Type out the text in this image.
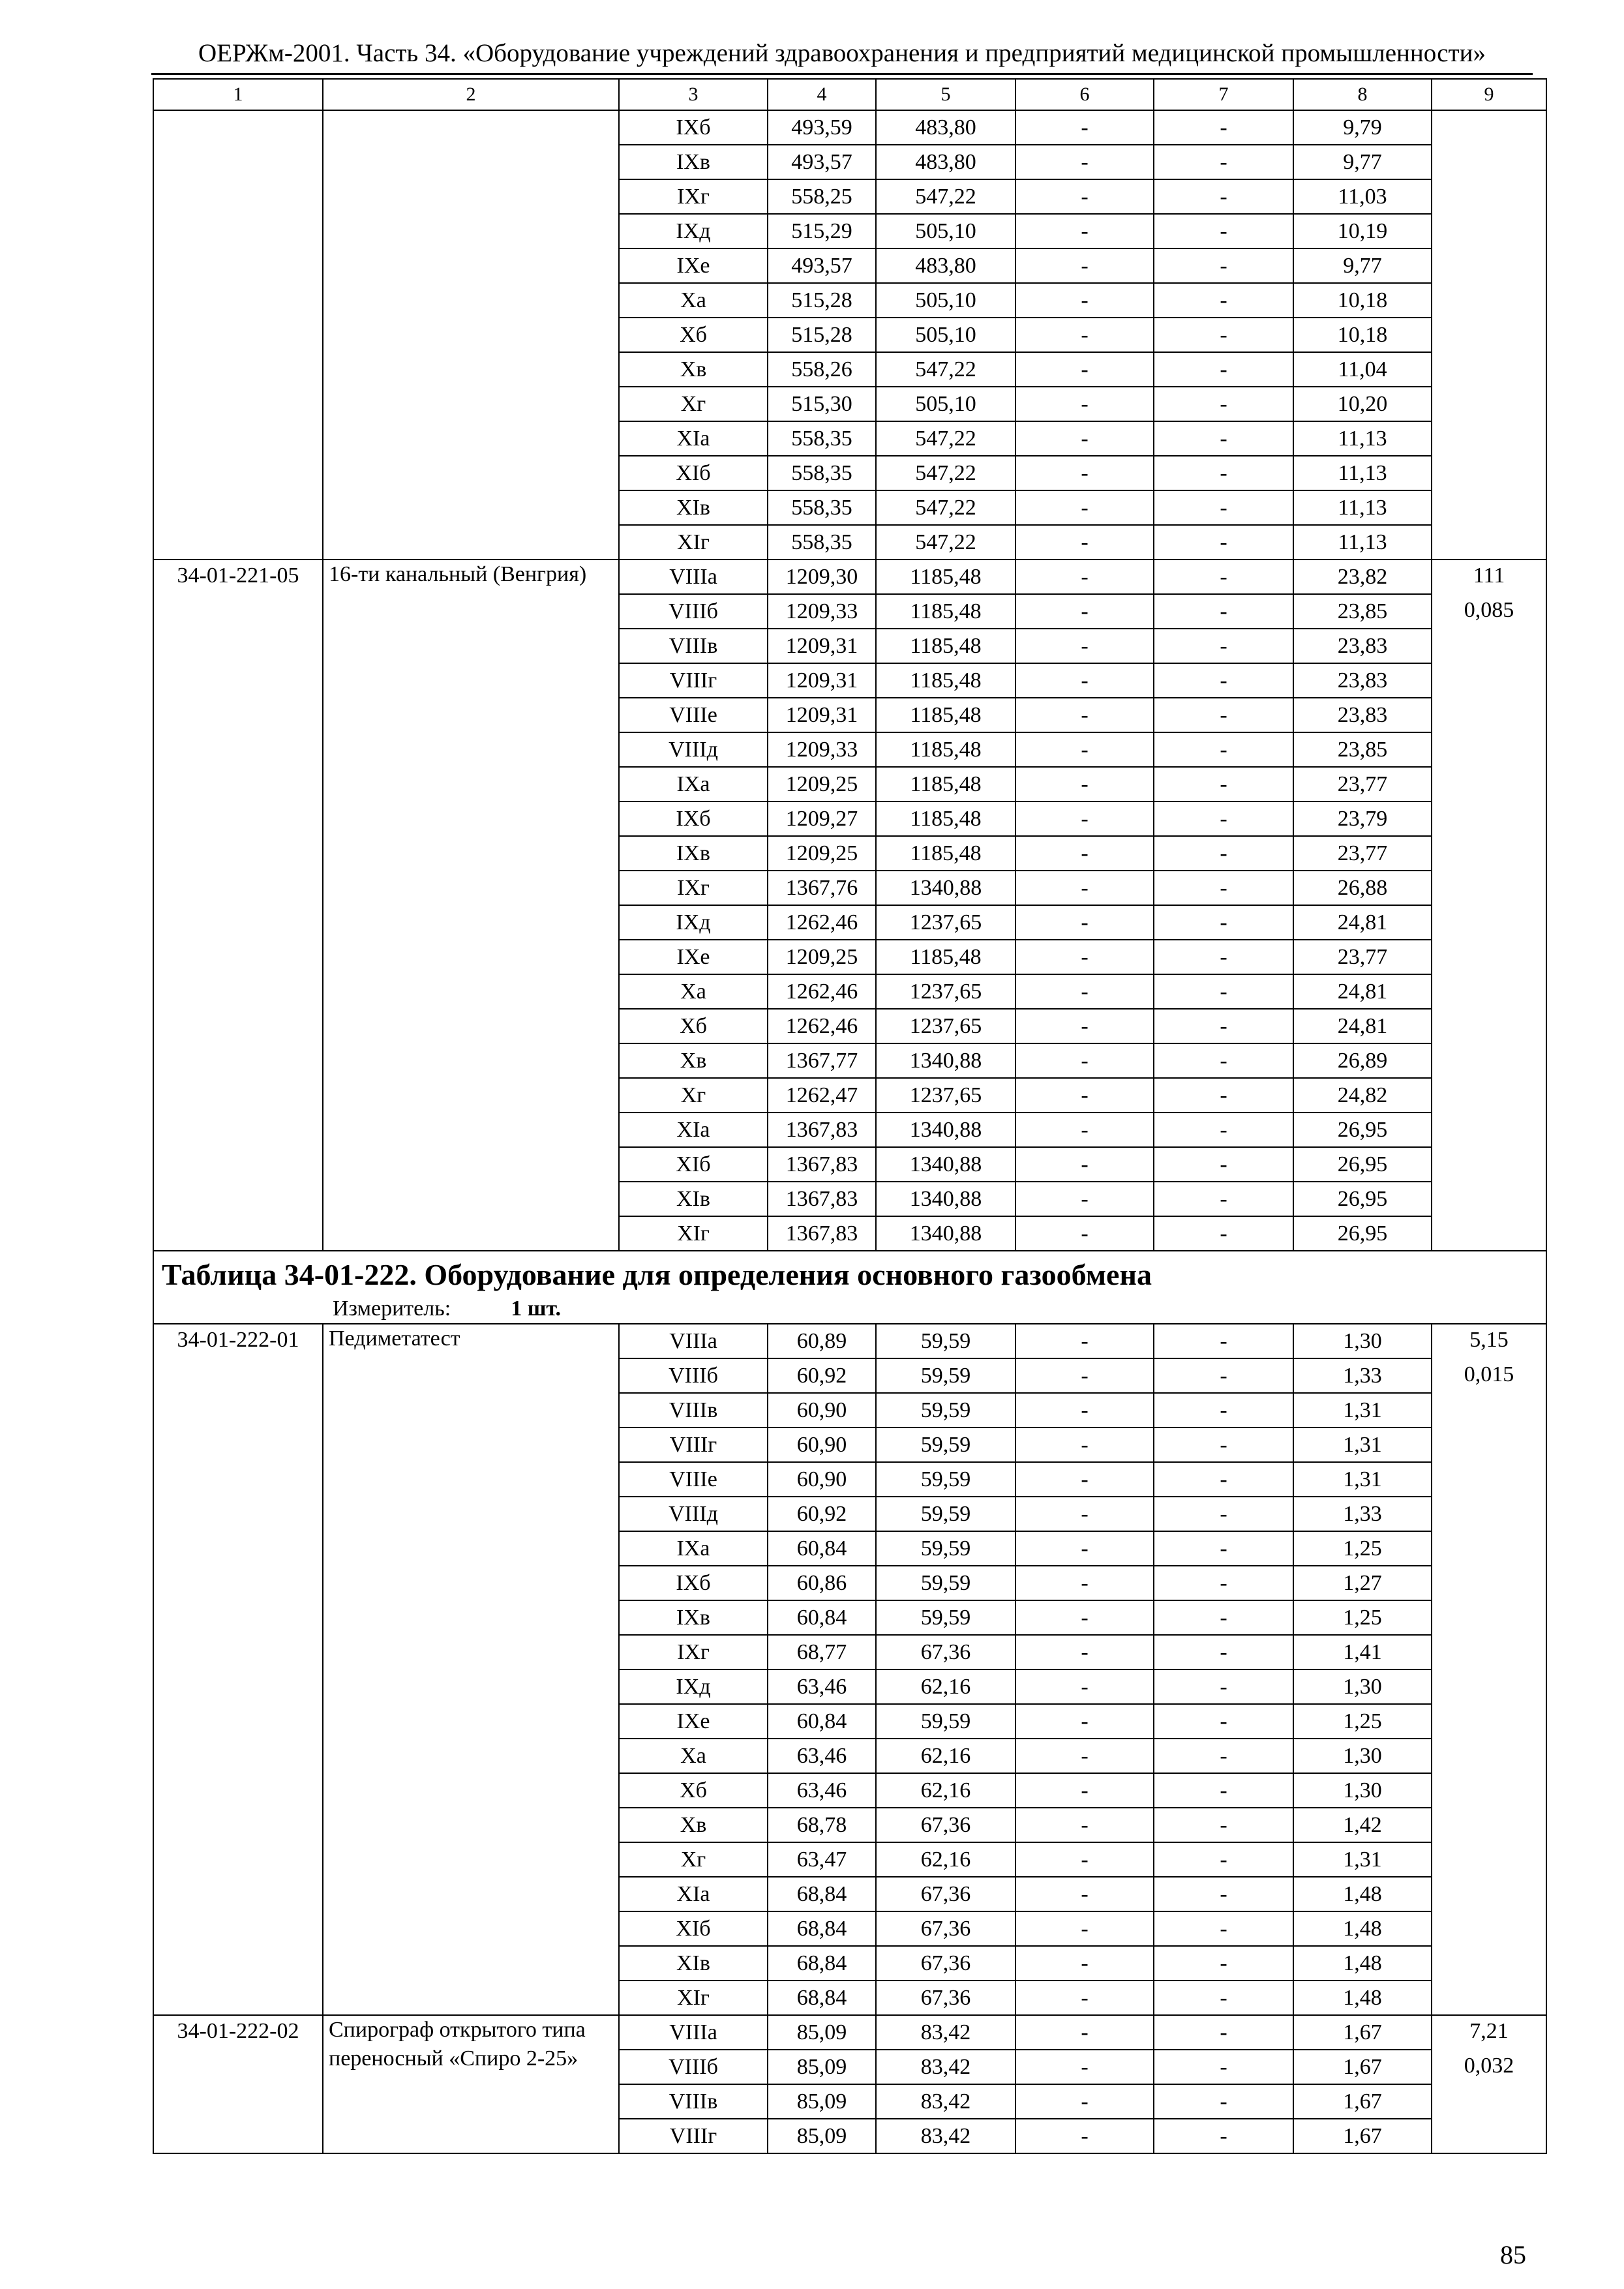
ОЕРЖм-2001. Часть 34. «Оборудование учреждений здравоохранения и предприятий медицинской промышленности»
1	2	3	4	5	6	7	8	9
		IXб	493,59	483,80	-	-	9,79	
		IXв	493,57	483,80	-	-	9,77	
		IXг	558,25	547,22	-	-	11,03	
		IXд	515,29	505,10	-	-	10,19	
		IXе	493,57	483,80	-	-	9,77	
		Xа	515,28	505,10	-	-	10,18	
		Xб	515,28	505,10	-	-	10,18	
		Xв	558,26	547,22	-	-	11,04	
		Xг	515,30	505,10	-	-	10,20	
		XIа	558,35	547,22	-	-	11,13	
		XIб	558,35	547,22	-	-	11,13	
		XIв	558,35	547,22	-	-	11,13	
		XIг	558,35	547,22	-	-	11,13	
34-01-221-05	16-ти канальный (Венгрия)	VIIIа	1209,30	1185,48	-	-	23,82	111
0,085

		VIIIб	1209,33	1185,48	-	-	23,85	
		VIIIв	1209,31	1185,48	-	-	23,83	
		VIIIг	1209,31	1185,48	-	-	23,83	
		VIIIе	1209,31	1185,48	-	-	23,83	
		VIIIд	1209,33	1185,48	-	-	23,85	
		IXа	1209,25	1185,48	-	-	23,77	
		IXб	1209,27	1185,48	-	-	23,79	
		IXв	1209,25	1185,48	-	-	23,77	
		IXг	1367,76	1340,88	-	-	26,88	
		IXд	1262,46	1237,65	-	-	24,81	
		IXе	1209,25	1185,48	-	-	23,77	
		Xа	1262,46	1237,65	-	-	24,81	
		Xб	1262,46	1237,65	-	-	24,81	
		Xв	1367,77	1340,88	-	-	26,89	
		Xг	1262,47	1237,65	-	-	24,82	
		XIа	1367,83	1340,88	-	-	26,95	
		XIб	1367,83	1340,88	-	-	26,95	
		XIв	1367,83	1340,88	-	-	26,95	
		XIг	1367,83	1340,88	-	-	26,95	

Таблица 34-01-222. Оборудование для определения основного газообмена
Измеритель: 1 шт.								

34-01-222-01	Педиметатест	VIIIа	60,89	59,59	-	-	1,30	5,15
0,015

		VIIIб	60,92	59,59	-	-	1,33	
		VIIIв	60,90	59,59	-	-	1,31	
		VIIIг	60,90	59,59	-	-	1,31	
		VIIIе	60,90	59,59	-	-	1,31	
		VIIIд	60,92	59,59	-	-	1,33	
		IXа	60,84	59,59	-	-	1,25	
		IXб	60,86	59,59	-	-	1,27	
		IXв	60,84	59,59	-	-	1,25	
		IXг	68,77	67,36	-	-	1,41	
		IXд	63,46	62,16	-	-	1,30	
		IXе	60,84	59,59	-	-	1,25	
		Xа	63,46	62,16	-	-	1,30	
		Xб	63,46	62,16	-	-	1,30	
		Xв	68,78	67,36	-	-	1,42	
		Xг	63,47	62,16	-	-	1,31	
		XIа	68,84	67,36	-	-	1,48	
		XIб	68,84	67,36	-	-	1,48	
		XIв	68,84	67,36	-	-	1,48	
		XIг	68,84	67,36	-	-	1,48	
34-01-222-02	Спирограф открытого типа переносный «Спиро 2-25»	VIIIа	85,09	83,42	-	-	1,67	7,21
0,032

		VIIIб	85,09	83,42	-	-	1,67	
		VIIIв	85,09	83,42	-	-	1,67	
		VIIIг	85,09	83,42	-	-	1,67	
85
